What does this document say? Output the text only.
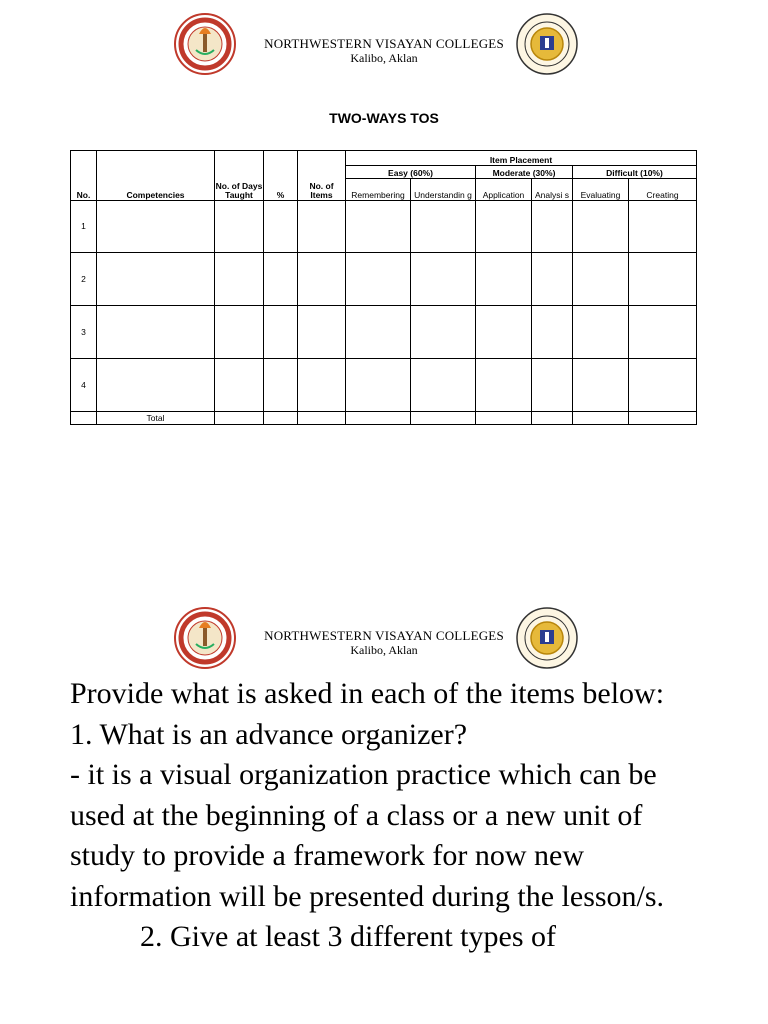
NORTHWESTERN VISAYAN COLLEGES
Kalibo, Aklan
TWO-WAYS TOS
No.	Competencies	No. of Days Taught	%	No. of Items	Item Placement					
					Easy (60%)		Moderate (30%)		Difficult (10%)	
					Remembering	Understandin g	Application	Analysi s	Evaluating	Creating
1										
2										
3										
4										
	Total									
NORTHWESTERN VISAYAN COLLEGES
Kalibo, Aklan

Provide what is asked in each of the items below:

1. What is an advance organizer?

- it is a visual organization practice which can be used at the beginning of a class or a new unit of study to provide a framework for now new information will be presented during the lesson/s.

2. Give at least 3 different types of
